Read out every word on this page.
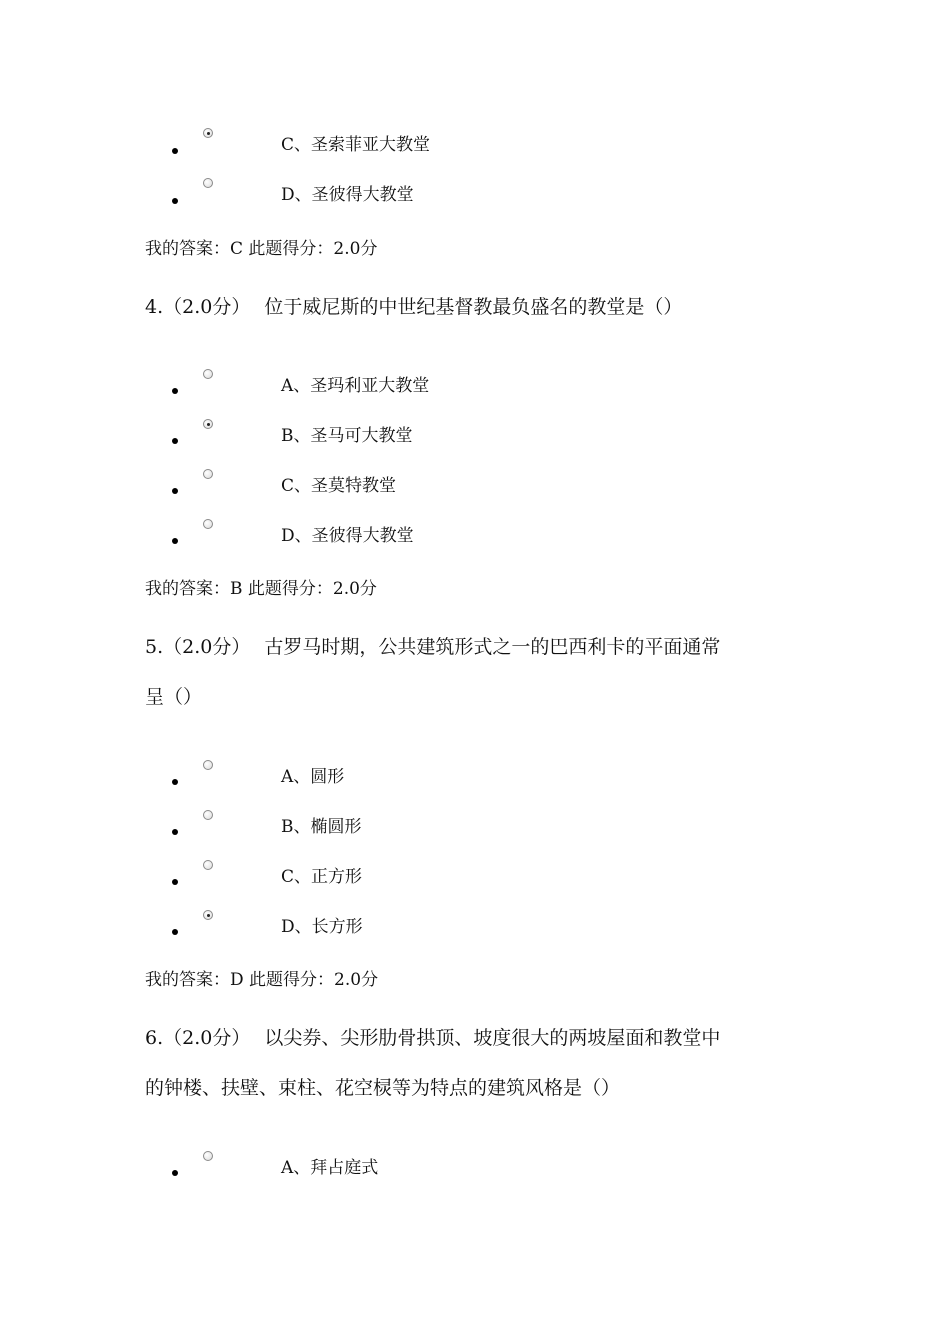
C、圣索菲亚大教堂
D、圣彼得大教堂
我的答案：C 此题得分：2.0分
4.（2.0分） 位于威尼斯的中世纪基督教最负盛名的教堂是（）
A、圣玛利亚大教堂
B、圣马可大教堂
C、圣莫特教堂
D、圣彼得大教堂
我的答案：B 此题得分：2.0分
5.（2.0分） 古罗马时期，公共建筑形式之一的巴西利卡的平面通常
呈（）
A、圆形
B、椭圆形
C、正方形
D、长方形
我的答案：D 此题得分：2.0分
6.（2.0分） 以尖券、尖形肋骨拱顶、坡度很大的两坡屋面和教堂中
的钟楼、扶壁、束柱、花空棂等为特点的建筑风格是（）
A、拜占庭式
